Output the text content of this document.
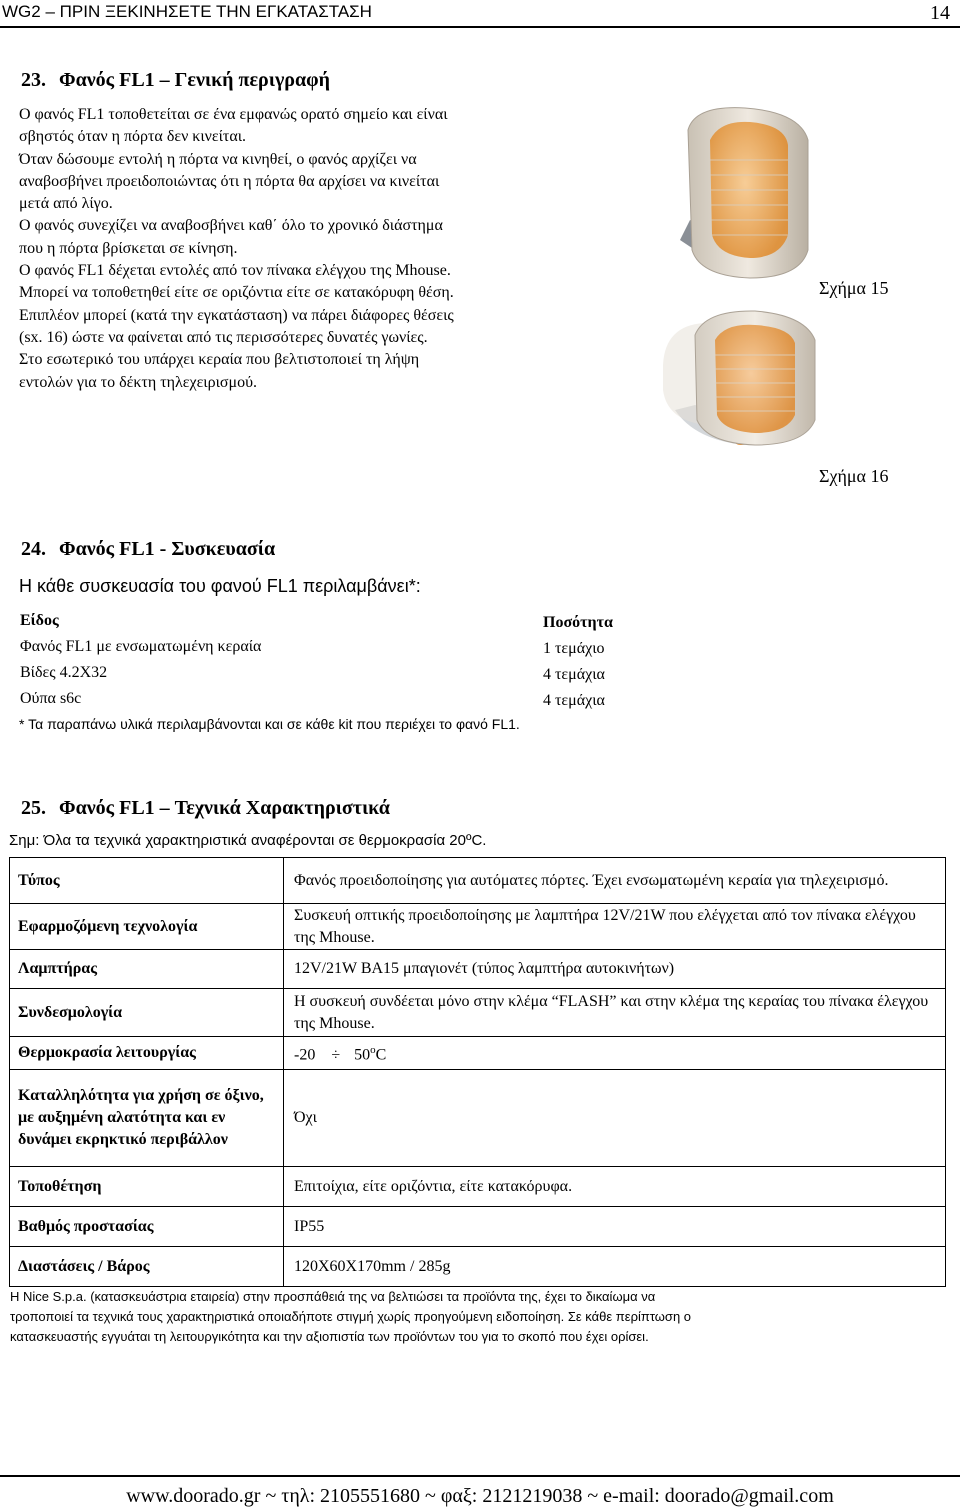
WG2 – ΠΡΙΝ ΞΕΚΙΝΗΣΕΤΕ ΤΗΝ ΕΓΚΑΤΑΣΤΑΣΗ	14
23. Φανός FL1 – Γενική περιγραφή
Ο φανός FL1 τοποθετείται σε ένα εμφανώς ορατό σημείο και είναι
σβηστός όταν η πόρτα δεν κινείται.
Όταν δώσουμε εντολή η πόρτα να κινηθεί, ο φανός αρχίζει να
αναβοσβήνει προειδοποιώντας ότι η πόρτα θα αρχίσει να κινείται
μετά από λίγο.
Ο φανός συνεχίζει να αναβοσβήνει καθ΄ όλο το χρονικό διάστημα
που η πόρτα βρίσκεται σε κίνηση.
Ο φανός FL1 δέχεται εντολές από τον πίνακα ελέγχου της Mhouse.
Μπορεί να τοποθετηθεί είτε σε οριζόντια είτε σε κατακόρυφη θέση.
Επιπλέον μπορεί (κατά την εγκατάσταση) να πάρει διάφορες θέσεις
(sx. 16) ώστε να φαίνεται από τις περισσότερες δυνατές γωνίες.
Στο εσωτερικό του υπάρχει κεραία που βελτιστοποιεί τη λήψη
εντολών για το δέκτη τηλεχειρισμού.
Σχήμα 15
Σχήμα 16
24. Φανός FL1 - Συσκευασία
Η κάθε συσκευασία του φανού FL1 περιλαμβάνει*:
Είδος	Ποσότητα
Φανός FL1 με ενσωματωμένη κεραία	1 τεμάχιο
Βίδες 4.2X32	4 τεμάχια
Ούπα s6c	4 τεμάχια
* Τα παραπάνω υλικά περιλαμβάνονται και σε κάθε kit που περιέχει το φανό FL1.
25. Φανός FL1 – Τεχνικά Χαρακτηριστικά
Σημ: Όλα τα τεχνικά χαρακτηριστικά αναφέρονται σε θερμοκρασία 20ºC.
Τύπος	Φανός προειδοποίησης για αυτόματες πόρτες. Έχει ενσωματωμένη κεραία για τηλεχειρισμό.
Εφαρμοζόμενη τεχνολογία	Συσκευή οπτικής προειδοποίησης με λαμπτήρα 12V/21W που ελέγχεται από τον πίνακα ελέγχου της Mhouse.
Λαμπτήρας	12V/21W BA15 μπαγιονέτ (τύπος λαμπτήρα αυτοκινήτων)
Συνδεσμολογία	Η συσκευή συνδέεται μόνο στην κλέμα “FLASH” και στην κλέμα της κεραίας του πίνακα έλεγχου της Mhouse.
Θερμοκρασία λειτουργίας	$-20 \div 50^oC$
Καταλληλότητα για χρήση σε όξινο, με αυξημένη αλατότητα και εν δυνάμει εκρηκτικό περιβάλλον	Όχι
Τοποθέτηση	Επιτοίχια, είτε οριζόντια, είτε κατακόρυφα.
Βαθμός προστασίας	IP55
Διαστάσεις / Βάρος	120X60X170mm / 285g
Η Nice S.p.a. (κατασκευάστρια εταιρεία) στην προσπάθειά της να βελτιώσει τα προϊόντα της, έχει το δικαίωμα να
τροποποιεί τα τεχνικά τους χαρακτηριστικά οποιαδήποτε στιγμή χωρίς προηγούμενη ειδοποίηση. Σε κάθε περίπτωση ο
κατασκευαστής εγγυάται τη λειτουργικότητα και την αξιοπιστία των προϊόντων του για το σκοπό που έχει ορίσει.
www.doorado.gr ~ τηλ: 2105551680 ~ φαξ: 2121219038 ~ e-mail: doorado@gmail.com
